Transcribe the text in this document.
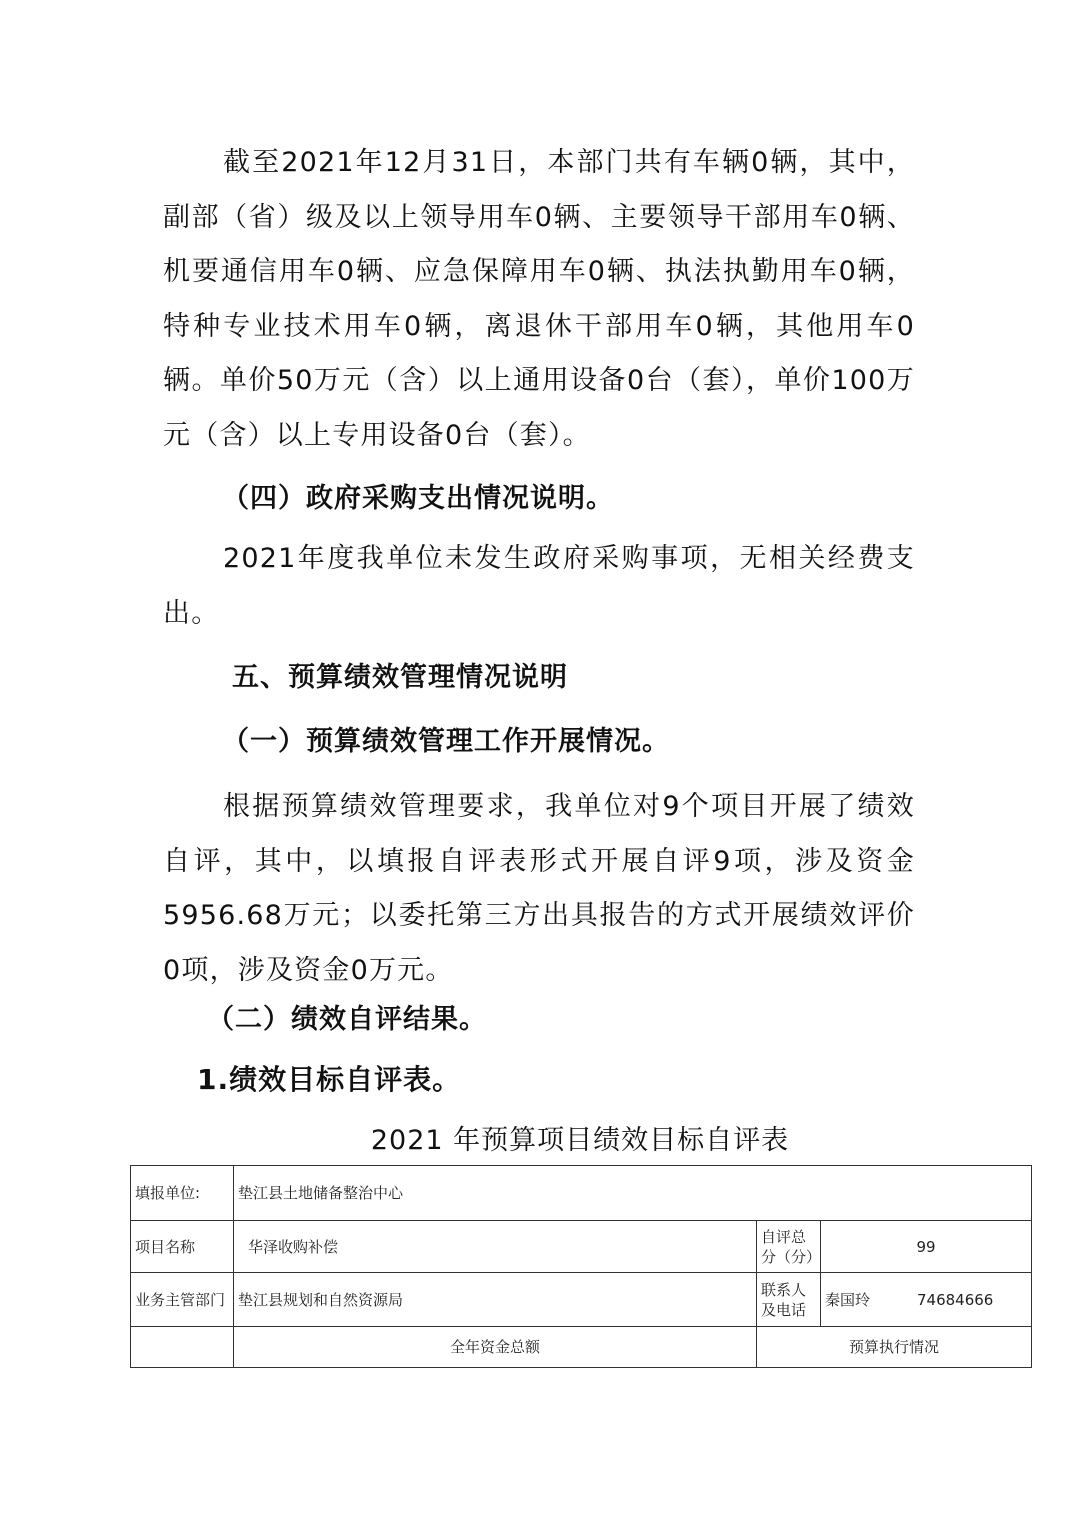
截至2021年12月31日，本部门共有车辆0辆，其中，副部（省）级及以上领导用车0辆、主要领导干部用车0辆、机要通信用车0辆、应急保障用车0辆、执法执勤用车0辆，特种专业技术用车0辆，离退休干部用车0辆，其他用车0辆。单价50万元（含）以上通用设备0台（套），单价100万元（含）以上专用设备0台（套）。

（四）政府采购支出情况说明。

2021年度我单位未发生政府采购事项，无相关经费支出。

五、预算绩效管理情况说明
（一）预算绩效管理工作开展情况。

根据预算绩效管理要求，我单位对9个项目开展了绩效自评，其中，以填报自评表形式开展自评9项，涉及资金5956.68万元；以委托第三方出具报告的方式开展绩效评价0项，涉及资金0万元。

（二）绩效自评结果。
1.绩效目标自评表。
2021 年预算项目绩效目标自评表
填报单位:	垫江县土地储备整治中心		
项目名称	华泽收购补偿	自评总分（分）	99
业务主管部门	垫江县规划和自然资源局	联系人及电话	秦国玲 74684666
	全年资金总额	预算执行情况	
